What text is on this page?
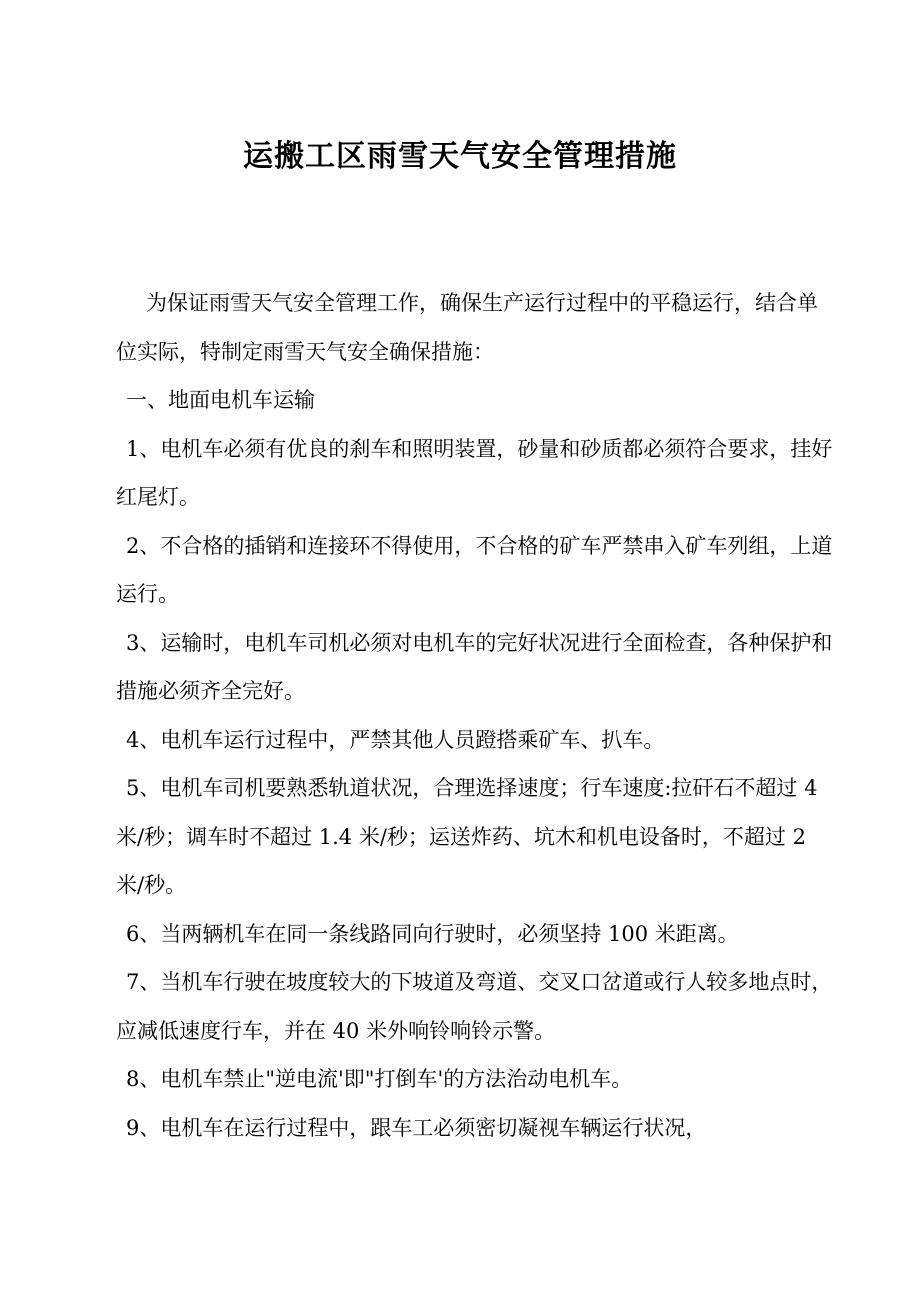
运搬工区雨雪天气安全管理措施

为保证雨雪天气安全管理工作，确保生产运行过程中的平稳运行，结合单位实际，特制定雨雪天气安全确保措施：

一、地面电机车运输

1、电机车必须有优良的刹车和照明装置，砂量和砂质都必须符合要求，挂好红尾灯。

2、不合格的插销和连接环不得使用，不合格的矿车严禁串入矿车列组，上道运行。

3、运输时，电机车司机必须对电机车的完好状况进行全面检查，各种保护和措施必须齐全完好。

4、电机车运行过程中，严禁其他人员蹬搭乘矿车、扒车。

5、电机车司机要熟悉轨道状况，合理选择速度；行车速度:拉矸石不超过 4 米/秒；调车时不超过 1.4 米/秒；运送炸药、坑木和机电设备时，不超过 2 米/秒。

6、当两辆机车在同一条线路同向行驶时，必须坚持 100 米距离。

7、当机车行驶在坡度较大的下坡道及弯道、交叉口岔道或行人较多地点时，应减低速度行车，并在 40 米外响铃响铃示警。

8、电机车禁止"逆电流'即"打倒车'的方法治动电机车。

9、电机车在运行过程中，跟车工必须密切凝视车辆运行状况，
